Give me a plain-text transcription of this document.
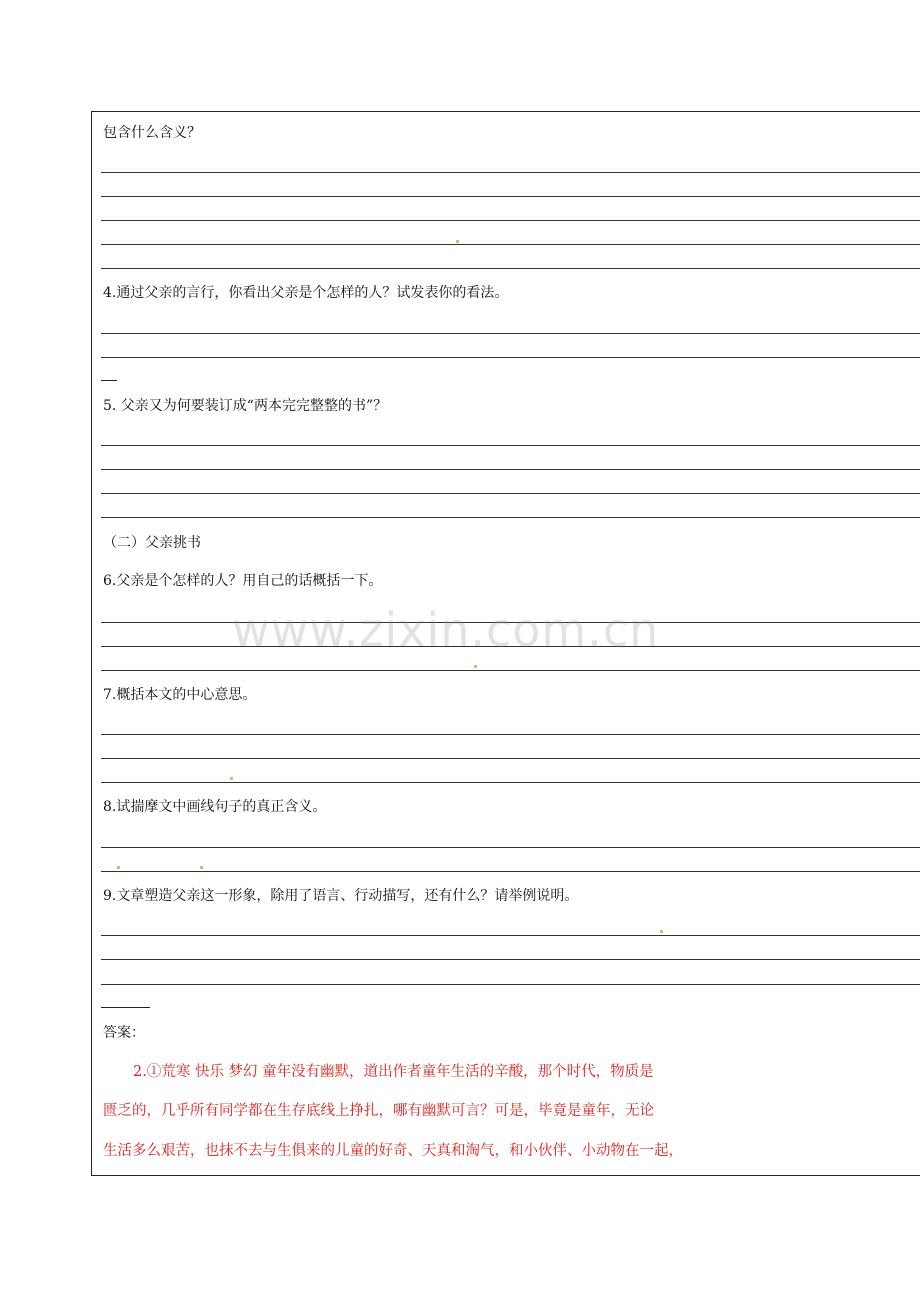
包含什么含义？
4.通过父亲的言行，你看出父亲是个怎样的人？试发表你的看法。
5. 父亲又为何要装订成“两本完完整整的书”？
（二）父亲挑书
6.父亲是个怎样的人？用自己的话概括一下。
7.概括本文的中心意思。
8.试揣摩文中画线句子的真正含义。
9.文章塑造父亲这一形象，除用了语言、行动描写，还有什么？请举例说明。
答案：
2.①荒寒 快乐 梦幻 童年没有幽默，道出作者童年生活的辛酸，那个时代，物质是
匮乏的，几乎所有同学都在生存底线上挣扎，哪有幽默可言？可是，毕竟是童年，无论
生活多么艰苦，也抹不去与生俱来的儿童的好奇、天真和淘气，和小伙伴、小动物在一起，
www.zixin.com.cn
